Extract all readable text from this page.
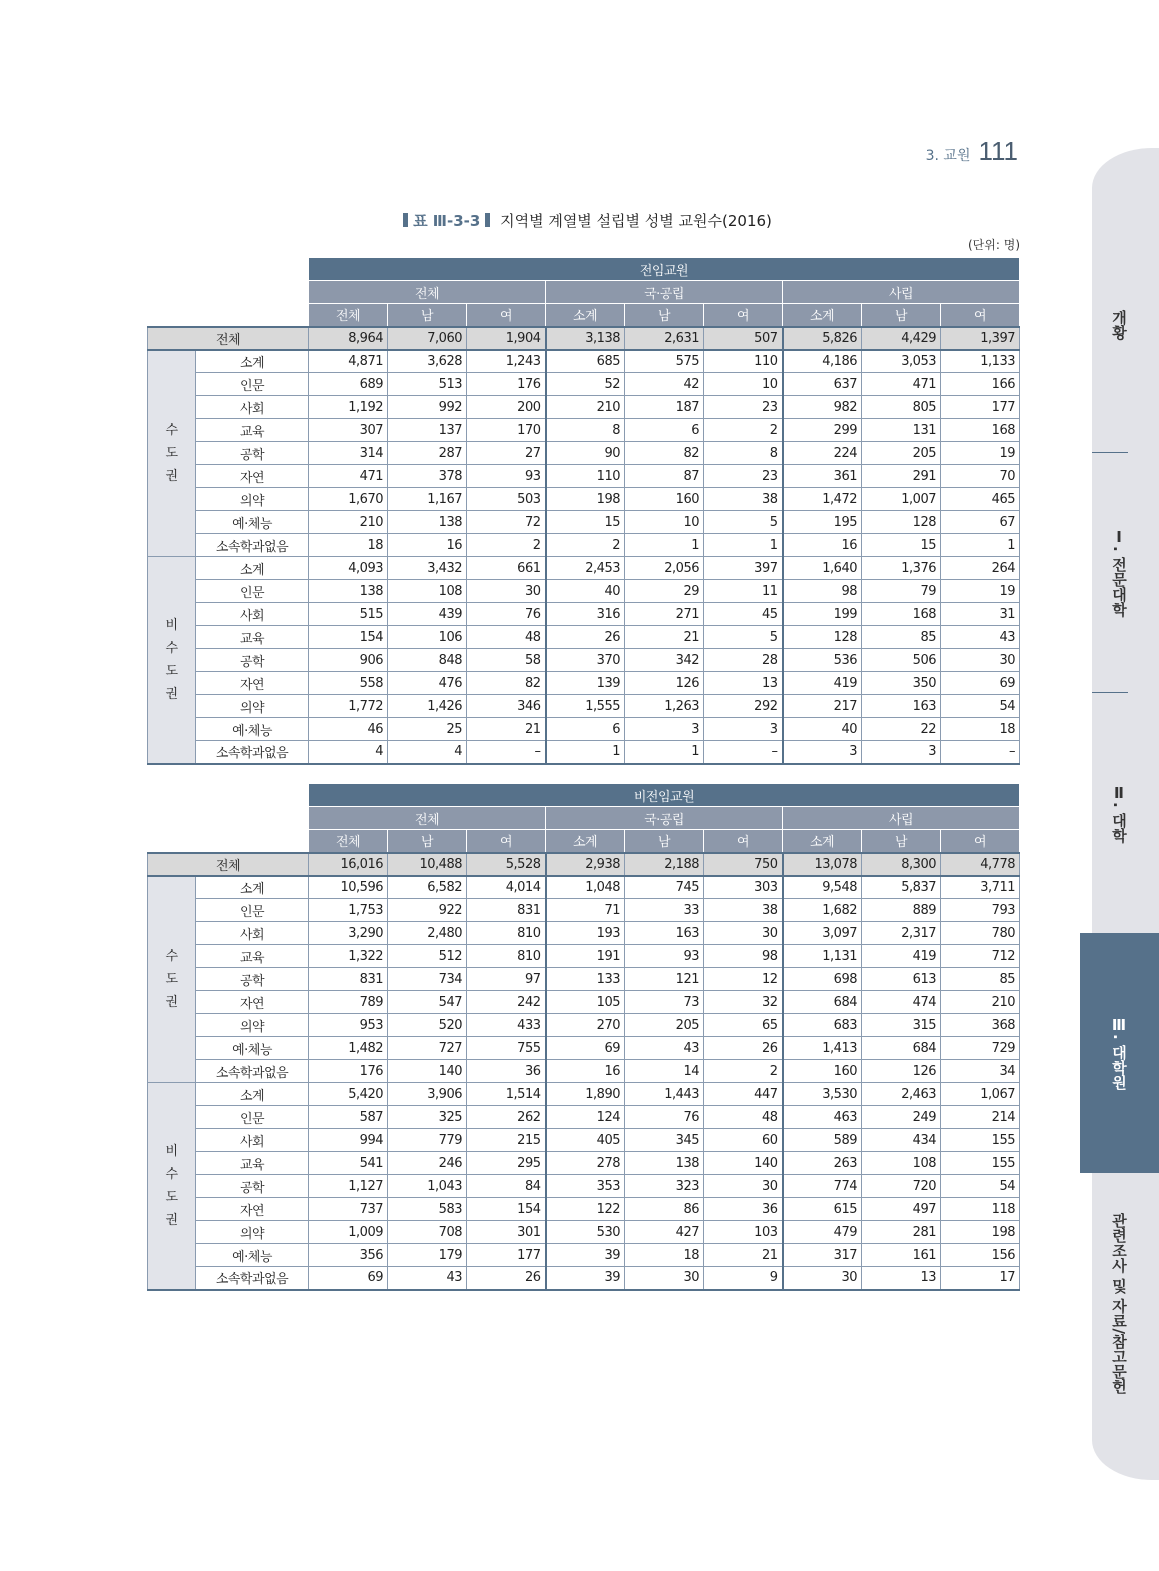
3. 교원 111
표 Ⅲ-3-3 지역별 계열별 설립별 성별 교원수(2016)
(단위: 명)
		전임교원								
		전체			국·공립			사립		
		전체	남	여	소계	남	여	소계	남	여
전체		8,964	7,060	1,904	3,138	2,631	507	5,826	4,429	1,397
수도권	소계	4,871	3,628	1,243	685	575	110	4,186	3,053	1,133
	인문	689	513	176	52	42	10	637	471	166
	사회	1,192	992	200	210	187	23	982	805	177
	교육	307	137	170	8	6	2	299	131	168
	공학	314	287	27	90	82	8	224	205	19
	자연	471	378	93	110	87	23	361	291	70
	의약	1,670	1,167	503	198	160	38	1,472	1,007	465
	예·체능	210	138	72	15	10	5	195	128	67
	소속학과없음	18	16	2	2	1	1	16	15	1
비수도권	소계	4,093	3,432	661	2,453	2,056	397	1,640	1,376	264
	인문	138	108	30	40	29	11	98	79	19
	사회	515	439	76	316	271	45	199	168	31
	교육	154	106	48	26	21	5	128	85	43
	공학	906	848	58	370	342	28	536	506	30
	자연	558	476	82	139	126	13	419	350	69
	의약	1,772	1,426	346	1,555	1,263	292	217	163	54
	예·체능	46	25	21	6	3	3	40	22	18
	소속학과없음	4	4	–	1	1	–	3	3	–
		비전임교원								
		전체			국·공립			사립		
		전체	남	여	소계	남	여	소계	남	여
전체		16,016	10,488	5,528	2,938	2,188	750	13,078	8,300	4,778
수도권	소계	10,596	6,582	4,014	1,048	745	303	9,548	5,837	3,711
	인문	1,753	922	831	71	33	38	1,682	889	793
	사회	3,290	2,480	810	193	163	30	3,097	2,317	780
	교육	1,322	512	810	191	93	98	1,131	419	712
	공학	831	734	97	133	121	12	698	613	85
	자연	789	547	242	105	73	32	684	474	210
	의약	953	520	433	270	205	65	683	315	368
	예·체능	1,482	727	755	69	43	26	1,413	684	729
	소속학과없음	176	140	36	16	14	2	160	126	34
비수도권	소계	5,420	3,906	1,514	1,890	1,443	447	3,530	2,463	1,067
	인문	587	325	262	124	76	48	463	249	214
	사회	994	779	215	405	345	60	589	434	155
	교육	541	246	295	278	138	140	263	108	155
	공학	1,127	1,043	84	353	323	30	774	720	54
	자연	737	583	154	122	86	36	615	497	118
	의약	1,009	708	301	530	427	103	479	281	198
	예·체능	356	179	177	39	18	21	317	161	156
	소속학과없음	69	43	26	39	30	9	30	13	17
개황
Ⅰ. 전문대학
Ⅱ. 대학
Ⅲ. 대학원
관련조사 및 자료/참고문헌
